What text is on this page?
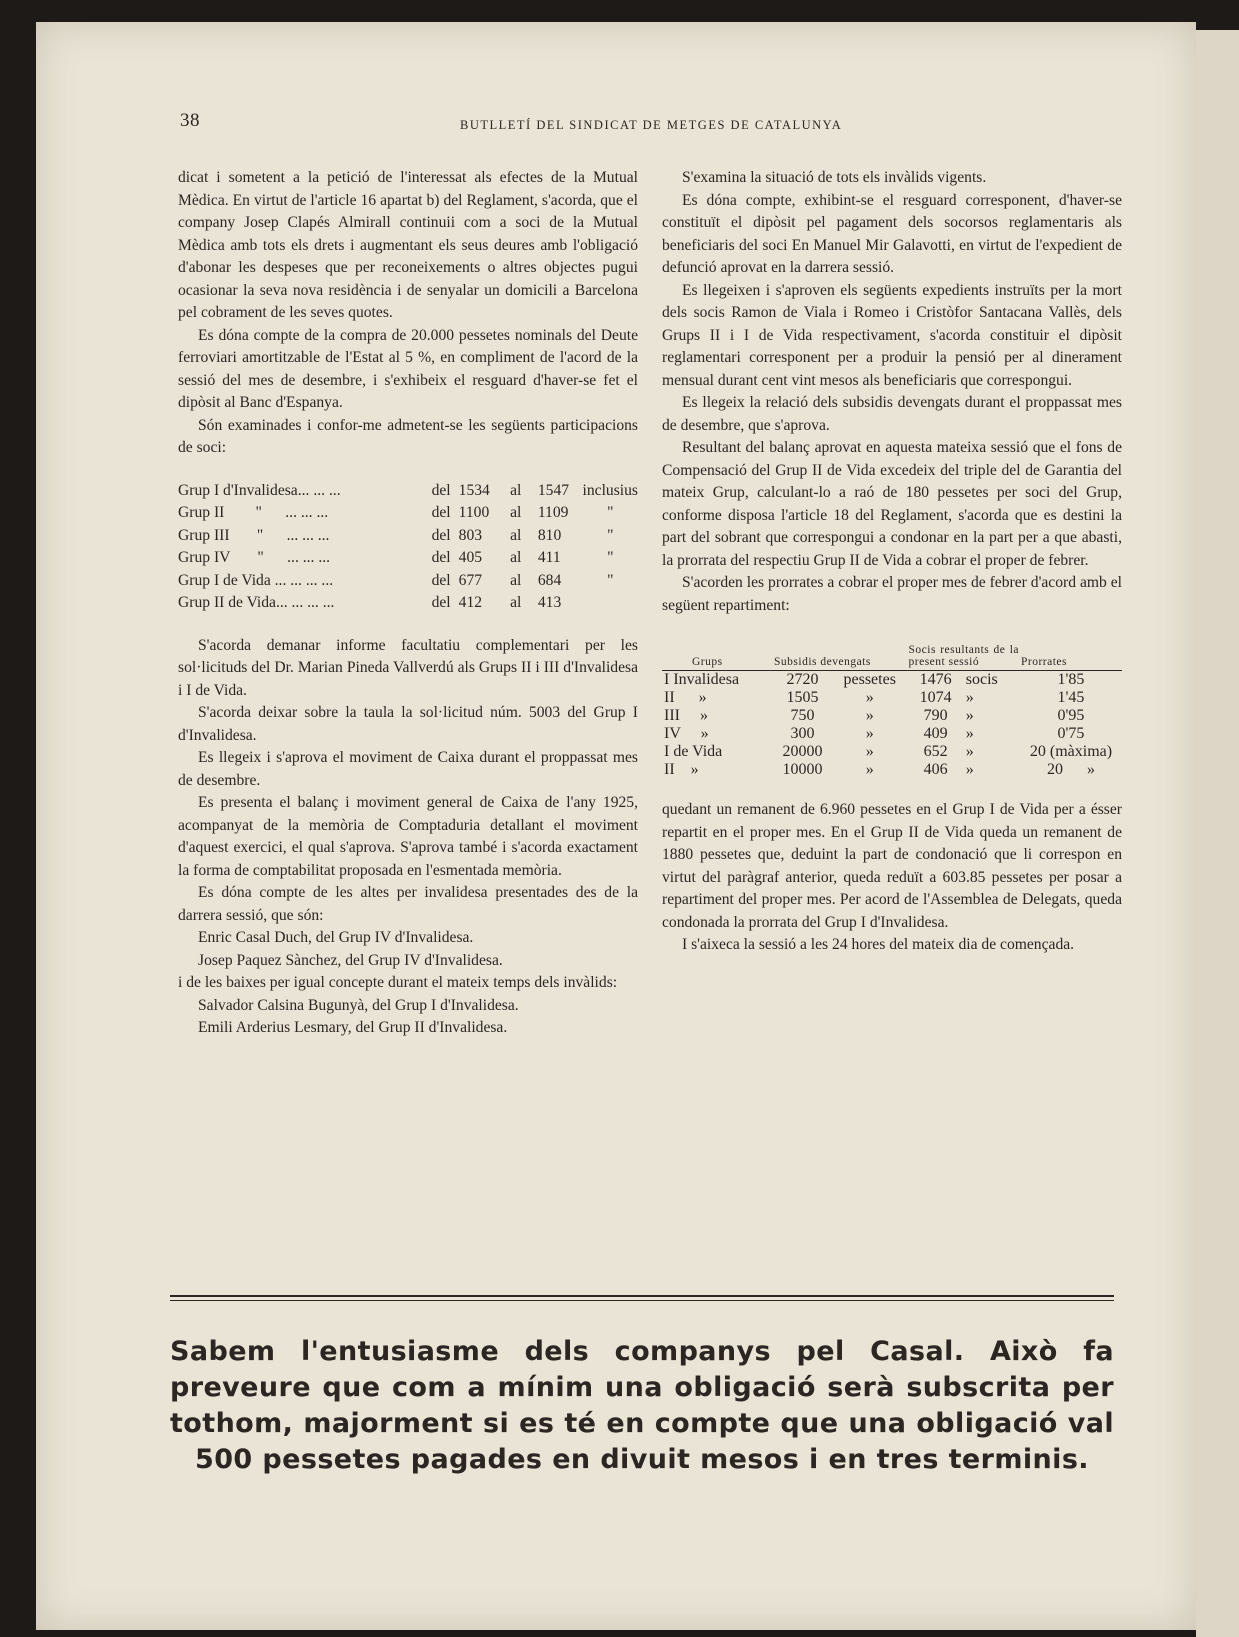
38	BUTLLETÍ DEL SINDICAT DE METGES DE CATALUNYA

dicat i sometent a la petició de l'interessat als efectes de la Mutual Mèdica. En virtut de l'article 16 apartat b) del Reglament, s'acorda, que el company Josep Clapés Almirall continuii com a soci de la Mutual Mèdica amb tots els drets i augmentant els seus deures amb l'obligació d'abonar les despeses que per reconeixements o altres objectes pugui ocasionar la seva nova residència i de senyalar un domicili a Barcelona pel cobrament de les seves quotes.

Es dóna compte de la compra de 20.000 pessetes nominals del Deute ferroviari amortitzable de l'Estat al 5 %, en compliment de l'acord de la sessió del mes de desembre, i s'exhibeix el resguard d'haver-se fet el dipòsit al Banc d'Espanya.

Són examinades i confor-me admetent-se les següents participacions de soci:

Grup I d'Invalidesa... ... ...	del	1534	al	1547	inclusius
Grup II        "      ... ... ...	del	1100	al	1109	"
Grup III       "      ... ... ...	del	803	al	810	"
Grup IV       "      ... ... ...	del	405	al	411	"
Grup I de Vida ... ... ... ...	del	677	al	684	"
Grup II de Vida... ... ... ...	del	412	al	413	

S'acorda demanar informe facultatiu complementari per les sol·licituds del Dr. Marian Pineda Vallverdú als Grups II i III d'Invalidesa i I de Vida.

S'acorda deixar sobre la taula la sol·licitud núm. 5003 del Grup I d'Invalidesa.

Es llegeix i s'aprova el moviment de Caixa durant el proppassat mes de desembre.

Es presenta el balanç i moviment general de Caixa de l'any 1925, acompanyat de la memòria de Comptaduria detallant el moviment d'aquest exercici, el qual s'aprova. S'aprova també i s'acorda exactament la forma de comptabilitat proposada en l'esmentada memòria.

Es dóna compte de les altes per invalidesa presentades des de la darrera sessió, que són:

Enric Casal Duch, del Grup IV d'Invalidesa.

Josep Paquez Sànchez, del Grup IV d'Invalidesa.

i de les baixes per igual concepte durant el mateix temps dels invàlids:

Salvador Calsina Bugunyà, del Grup I d'Invalidesa.

Emili Arderius Lesmary, del Grup II d'Invalidesa.

S'examina la situació de tots els invàlids vigents.

Es dóna compte, exhibint-se el resguard corresponent, d'haver-se constituït el dipòsit pel pagament dels socorsos reglamentaris als beneficiaris del soci En Manuel Mir Galavotti, en virtut de l'expedient de defunció aprovat en la darrera sessió.

Es llegeixen i s'aproven els següents expedients instruïts per la mort dels socis Ramon de Viala i Romeo i Cristòfor Santacana Vallès, dels Grups II i I de Vida respectivament, s'acorda constituir el dipòsit reglamentari corresponent per a produir la pensió per al dinerament mensual durant cent vint mesos als beneficiaris que correspongui.

Es llegeix la relació dels subsidis devengats durant el proppassat mes de desembre, que s'aprova.

Resultant del balanç aprovat en aquesta mateixa sessió que el fons de Compensació del Grup II de Vida excedeix del triple del de Garantia del mateix Grup, calculant-lo a raó de 180 pessetes per soci del Grup, conforme disposa l'article 18 del Reglament, s'acorda que es destini la part del sobrant que correspongui a condonar en la part per a que abasti, la prorrata del respectiu Grup II de Vida a cobrar el proper de febrer.

S'acorden les prorrates a cobrar el proper mes de febrer d'acord amb el següent repartiment:

Grups	Subsidis devengats		Socis resultants de la present sessió		Prorrates
I Invalidesa	2720	pessetes	1476	socis	1'85
II      »	1505	»	1074	»	1'45
III     »	750	»	790	»	0'95
IV     »	300	»	409	»	0'75
I de Vida	20000	»	652	»	20 (màxima)
II    »	10000	»	406	»	20      »

quedant un remanent de 6.960 pessetes en el Grup I de Vida per a ésser repartit en el proper mes. En el Grup II de Vida queda un remanent de 1880 pessetes que, deduint la part de condonació que li correspon en virtut del paràgraf anterior, queda reduït a 603.85 pessetes per posar a repartiment del proper mes. Per acord de l'Assemblea de Delegats, queda condonada la prorrata del Grup I d'Invalidesa.

I s'aixeca la sessió a les 24 hores del mateix dia de començada.

Sabem l'entusiasme dels companys pel Casal. Això fa preveure que com a mínim una obligació serà subscrita per tothom, majorment si es té en compte que una obligació val 500 pessetes pagades en divuit mesos i en tres terminis.
